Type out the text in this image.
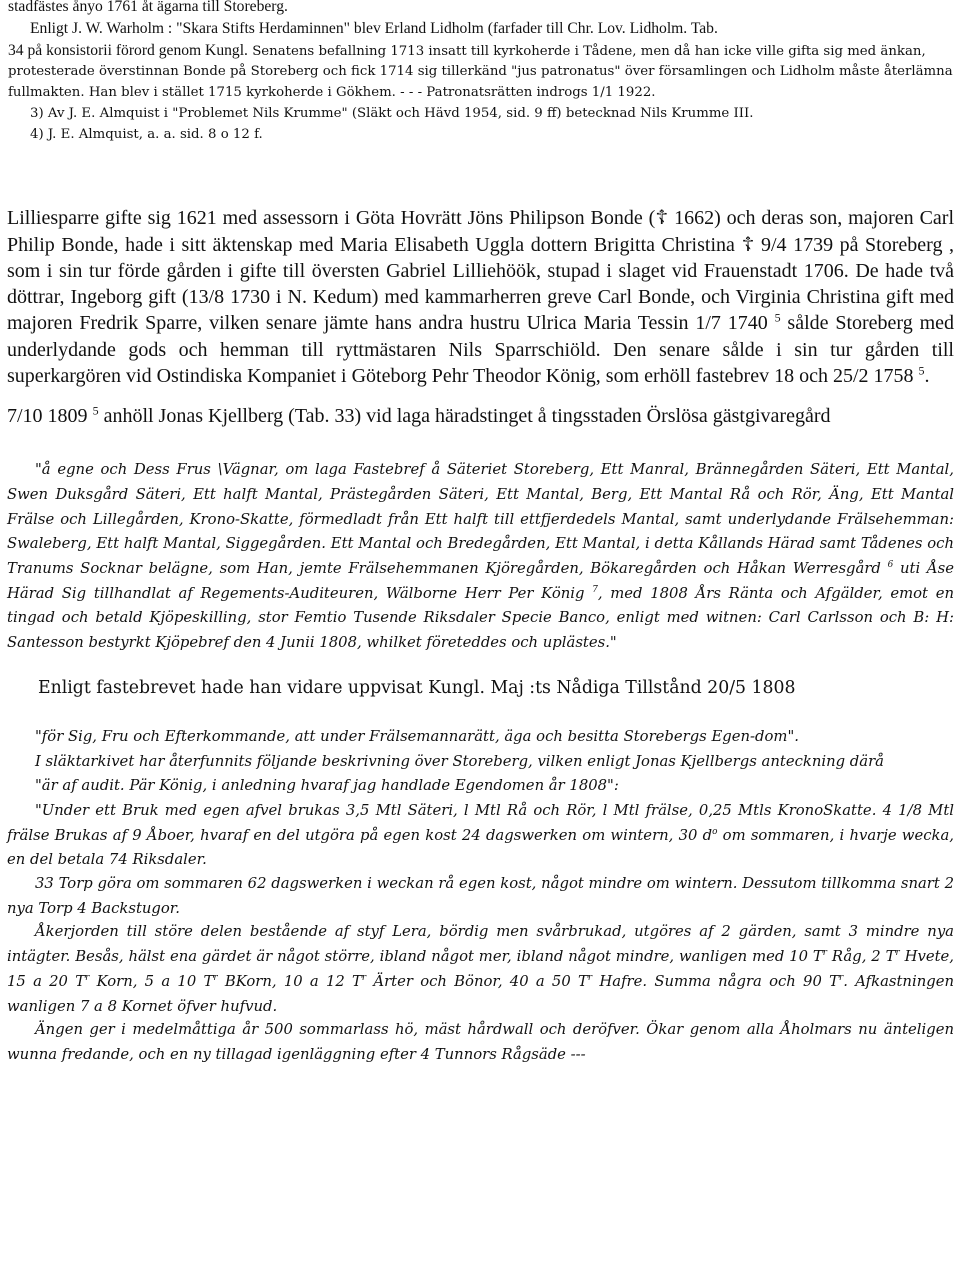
stadfästes ånyo 1761 åt ägarna till Storeberg.

Enligt J. W. Warholm : "Skara Stifts Herdaminnen" blev Erland Lidholm (farfader till Chr. Lov. Lidholm. Tab.

34 på konsistorii förord genom Kungl. Senatens befallning 1713 insatt till kyrkoherde i Tådene, men då han icke ville gifta sig med änkan, protesterade överstinnan Bonde på Storeberg och fick 1714 sig tillerkänd "jus patronatus" över församlingen och Lidholm måste återlämna fullmakten. Han blev i stället 1715 kyrkoherde i Gökhem. - - - Patronatsrätten indrogs 1/1 1922.

3) Av J. E. Almquist i "Problemet Nils Krumme" (Släkt och Hävd 1954, sid. 9 ff) betecknad Nils Krumme III.

4) J. E. Almquist, a. a. sid. 8 o 12 f.

Lilliesparre gifte sig 1621 med assessorn i Göta Hovrätt Jöns Philipson Bonde (☦ 1662) och deras son, majoren Carl Philip Bonde, hade i sitt äktenskap med Maria Elisabeth Uggla dottern Brigitta Christina ☦ 9/4 1739 på Storeberg , som i sin tur förde gården i gifte till översten Gabriel Lilliehöök, stupad i slaget vid Frauenstadt 1706. De hade två döttrar, Ingeborg gift (13/8 1730 i N. Kedum) med kammarherren greve Carl Bonde, och Virginia Christina gift med majoren Fredrik Sparre, vilken senare jämte hans andra hustru Ulrica Maria Tessin 1/7 1740 $^5$ sålde Storeberg med underlydande gods och hemman till ryttmästaren Nils Sparrschiöld. Den senare sålde i sin tur gården till superkargören vid Ostindiska Kompaniet i Göteborg Pehr Theodor König, som erhöll fastebrev 18 och 25/2 1758 $^5$.

7/10 1809 $^5$ anhöll Jonas Kjellberg (Tab. 33) vid laga häradstinget å tingsstaden Örslösa gästgivaregård

"å egne och Dess Frus \Vägnar, om laga Fastebref å Säteriet Storeberg, Ett Manral, Brännegården Säteri, Ett Mantal, Swen Duksgård Säteri, Ett halft Mantal, Prästegården Säteri, Ett Mantal, Berg, Ett Mantal Rå och Rör, Äng, Ett Mantal Frälse och Lillegården, Krono-Skatte, förmedladt från Ett halft till ettfjerdedels Mantal, samt underlydande Frälsehemman: Swaleberg, Ett halft Mantal, Siggegården. Ett Mantal och Bredegården, Ett Mantal, i detta Kållands Härad samt Tådenes och Tranums Socknar belägne, som Han, jemte Frälsehemmanen Kjöregården, Bökaregården och Håkan Werresgård $^6$ uti Åse Härad Sig tillhandlat af Regements-Auditeuren, Wälborne Herr Per König $^7$, med 1808 Års Ränta och Afgälder, emot en tingad och betald Kjöpeskilling, stor Femtio Tusende Riksdaler Specie Banco, enligt med witnen: Carl Carlsson och B: H: Santesson bestyrkt Kjöpebref den 4 Junii 1808, whilket företeddes och uplästes."

Enligt fastebrevet hade han vidare uppvisat Kungl. Maj :ts Nådiga Tillstånd 20/5 1808

"för Sig, Fru och Efterkommande, att under Frälsemannarätt, äga och besitta Storebergs Egen-dom".

I släktarkivet har återfunnits följande beskrivning över Storeberg, vilken enligt Jonas Kjellbergs anteckning därå

"är af audit. Pär König, i anledning hvaraf jag handlade Egendomen år 1808":

"Under ett Bruk med egen afvel brukas 3,5 Mtl Säteri, l Mtl Rå och Rör, l Mtl frälse, 0,25 Mtls KronoSkatte. 4 1/8 Mtl frälse Brukas af 9 Åboer, hvaraf en del utgöra på egen kost 24 dagswerken om wintern, 30 $d^o$ om sommaren, i hvarje wecka, en del betala 74 Riksdaler.

33 Torp göra om sommaren 62 dagswerken i weckan rå egen kost, något mindre om wintern. Dessutom tillkomma snart 2 nya Torp 4 Backstugor.

Åkerjorden till störe delen bestående af styf Lera, bördig men svårbrukad, utgöres af 2 gärden, samt 3 mindre nya intägter. Besås, hälst ena gärdet är något större, ibland något mer, ibland något mindre, wanligen med 10 $T^r$ Råg, 2 $T^r$ Hvete, 15 a 20 $T^r$ Korn, 5 a 10 $T^r$ BKorn, 10 a 12 $T^r$ Ärter och Bönor, 40 a 50 $T^r$ Hafre. Summa några och 90 $T^r$. Afkastningen wanligen 7 a 8 Kornet öfver hufvud.

Ängen ger i medelmåttiga år 500 sommarlass hö, mäst hårdwall och deröfver. Ökar genom alla Åholmars nu änteligen wunna fredande, och en ny tillagad igenläggning efter 4 Tunnors Rågsäde ---
